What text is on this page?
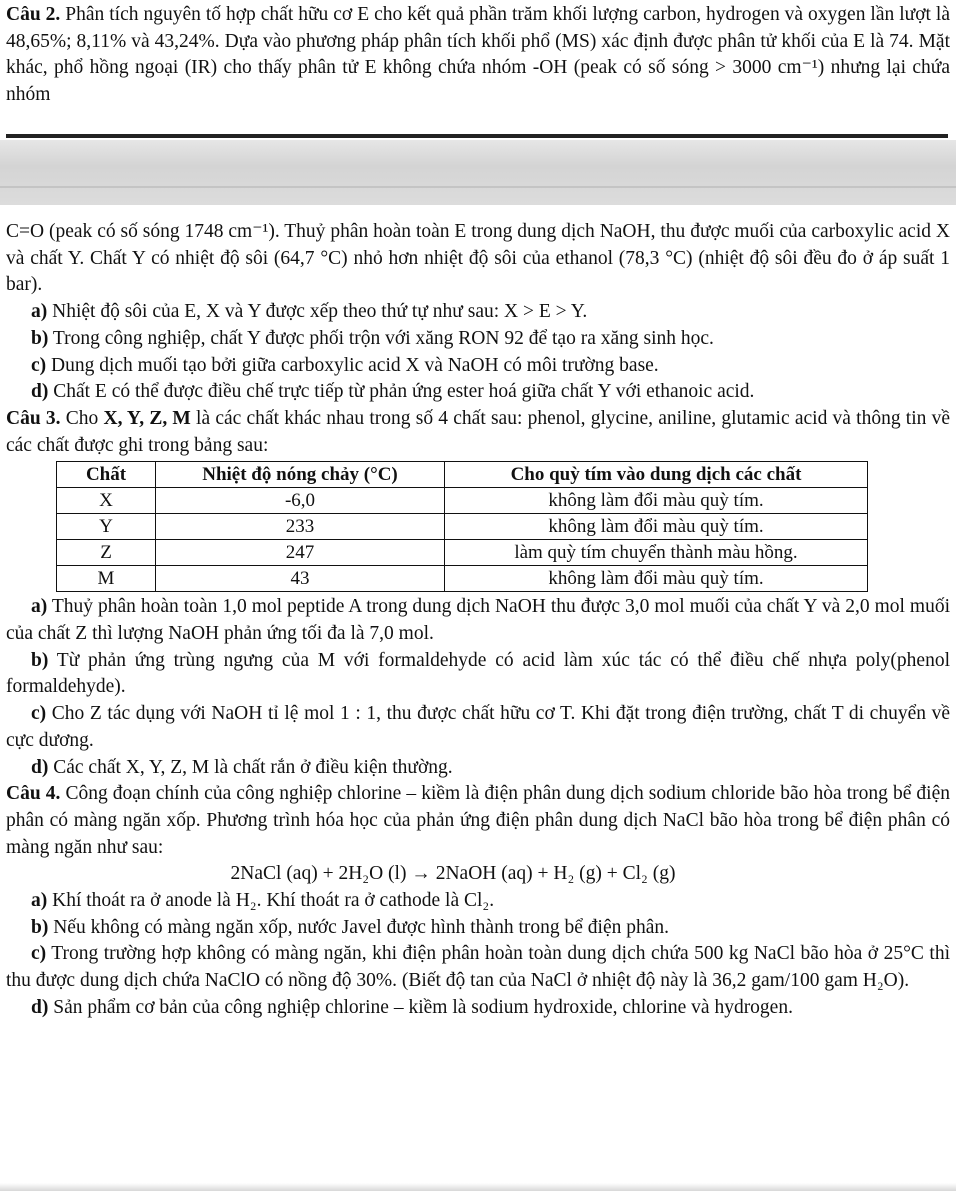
Câu 2. Phân tích nguyên tố hợp chất hữu cơ E cho kết quả phần trăm khối lượng carbon, hydrogen và oxygen lần lượt là 48,65%; 8,11% và 43,24%. Dựa vào phương pháp phân tích khối phổ (MS) xác định được phân tử khối của E là 74. Mặt khác, phổ hồng ngoại (IR) cho thấy phân tử E không chứa nhóm -OH (peak có số sóng > 3000 cm⁻¹) nhưng lại chứa nhóm

C=O (peak có số sóng 1748 cm⁻¹). Thuỷ phân hoàn toàn E trong dung dịch NaOH, thu được muối của carboxylic acid X và chất Y. Chất Y có nhiệt độ sôi (64,7 °C) nhỏ hơn nhiệt độ sôi của ethanol (78,3 °C) (nhiệt độ sôi đều đo ở áp suất 1 bar).

a) Nhiệt độ sôi của E, X và Y được xếp theo thứ tự như sau: X > E > Y.

b) Trong công nghiệp, chất Y được phối trộn với xăng RON 92 để tạo ra xăng sinh học.

c) Dung dịch muối tạo bởi giữa carboxylic acid X và NaOH có môi trường base.

d) Chất E có thể được điều chế trực tiếp từ phản ứng ester hoá giữa chất Y với ethanoic acid.

Câu 3. Cho X, Y, Z, M là các chất khác nhau trong số 4 chất sau: phenol, glycine, aniline, glutamic acid và thông tin về các chất được ghi trong bảng sau:

Chất	Nhiệt độ nóng chảy (°C)	Cho quỳ tím vào dung dịch các chất
X	-6,0	không làm đổi màu quỳ tím.
Y	233	không làm đổi màu quỳ tím.
Z	247	làm quỳ tím chuyển thành màu hồng.
M	43	không làm đổi màu quỳ tím.

a) Thuỷ phân hoàn toàn 1,0 mol peptide A trong dung dịch NaOH thu được 3,0 mol muối của chất Y và 2,0 mol muối của chất Z thì lượng NaOH phản ứng tối đa là 7,0 mol.

b) Từ phản ứng trùng ngưng của M với formaldehyde có acid làm xúc tác có thể điều chế nhựa poly(phenol formaldehyde).

c) Cho Z tác dụng với NaOH tỉ lệ mol 1 : 1, thu được chất hữu cơ T. Khi đặt trong điện trường, chất T di chuyển về cực dương.

d) Các chất X, Y, Z, M là chất rắn ở điều kiện thường.

Câu 4. Công đoạn chính của công nghiệp chlorine – kiềm là điện phân dung dịch sodium chloride bão hòa trong bể điện phân có màng ngăn xốp. Phương trình hóa học của phản ứng điện phân dung dịch NaCl bão hòa trong bể điện phân có màng ngăn như sau:

2NaCl (aq) + 2H₂O (l) → 2NaOH (aq) + H₂ (g) + Cl₂ (g)

a) Khí thoát ra ở anode là H₂. Khí thoát ra ở cathode là Cl₂.

b) Nếu không có màng ngăn xốp, nước Javel được hình thành trong bể điện phân.

c) Trong trường hợp không có màng ngăn, khi điện phân hoàn toàn dung dịch chứa 500 kg NaCl bão hòa ở 25°C thì thu được dung dịch chứa NaClO có nồng độ 30%. (Biết độ tan của NaCl ở nhiệt độ này là 36,2 gam/100 gam H₂O).

d) Sản phẩm cơ bản của công nghiệp chlorine – kiềm là sodium hydroxide, chlorine và hydrogen.
